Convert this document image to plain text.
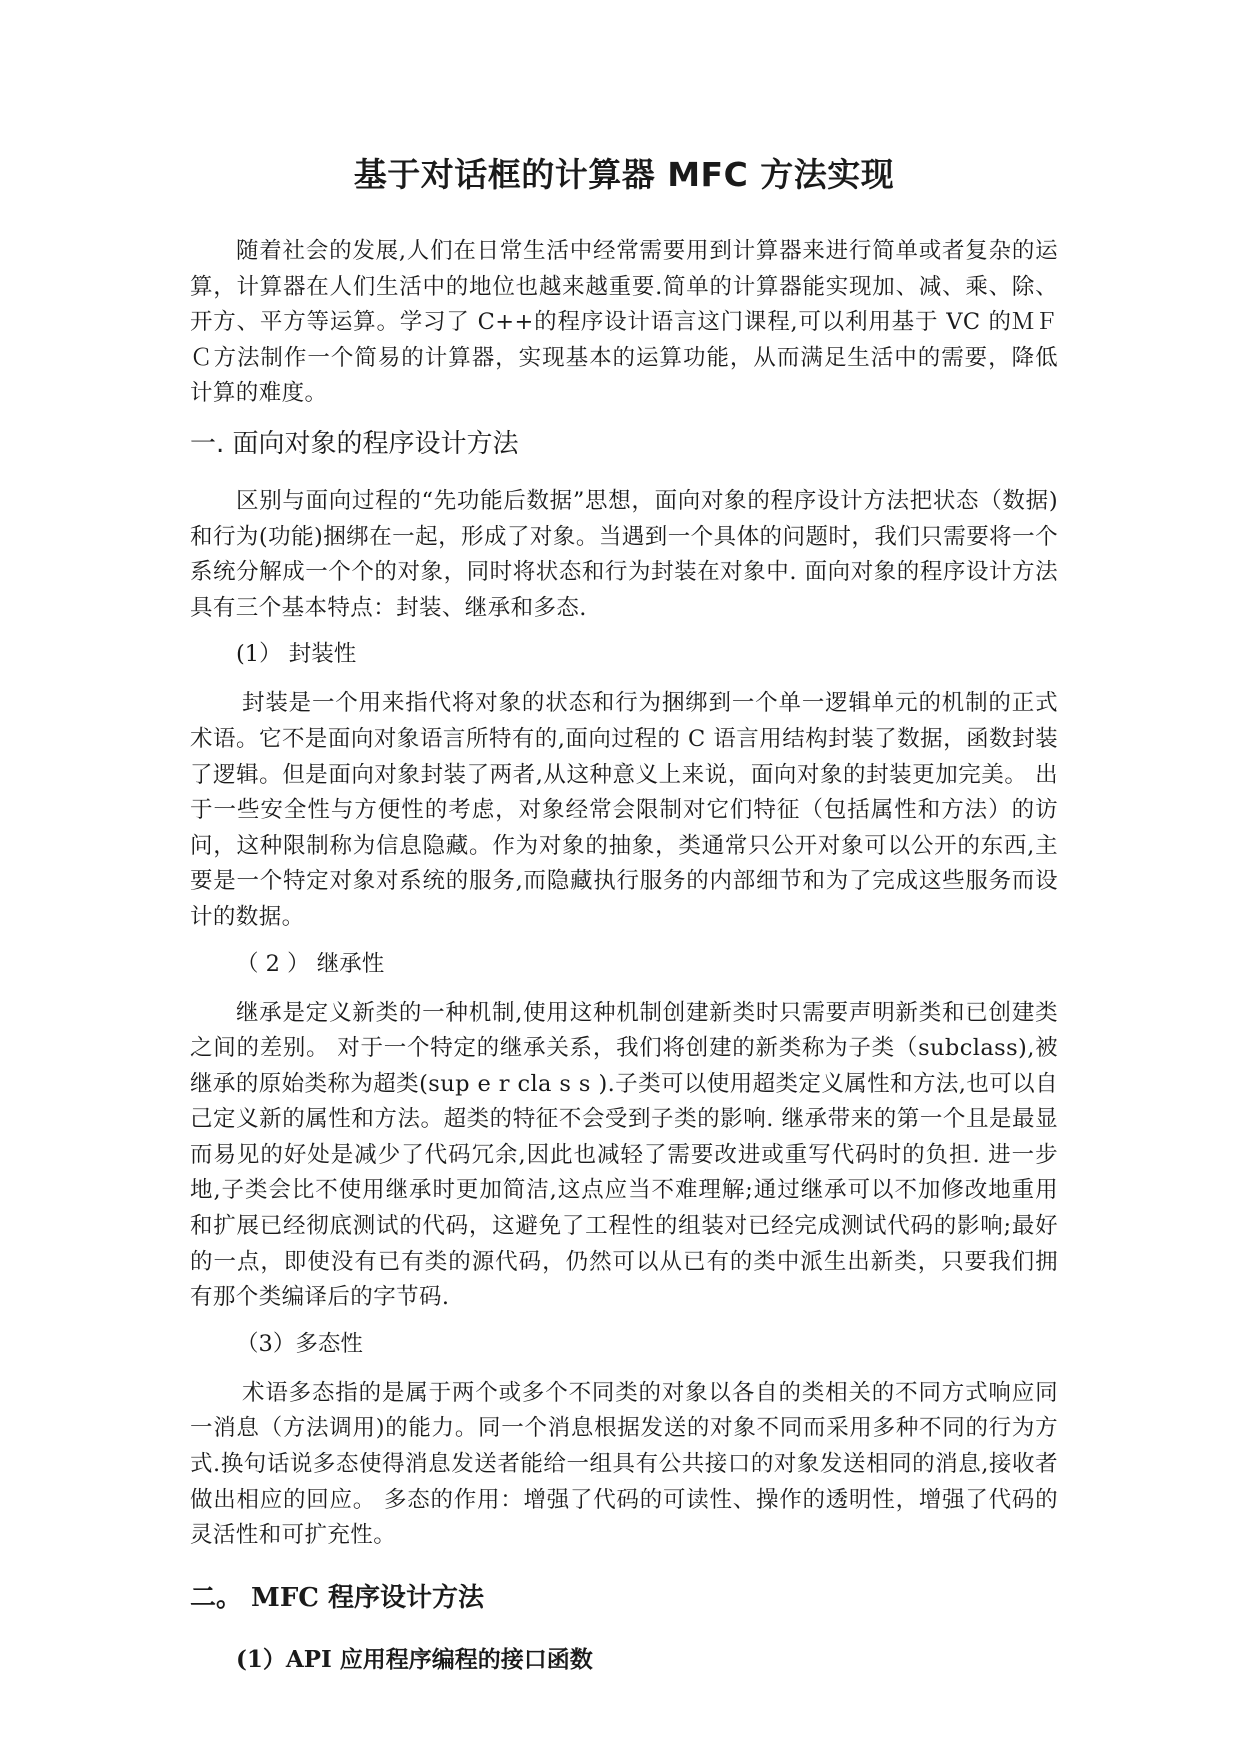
基于对话框的计算器 MFC 方法实现

随着社会的发展,人们在日常生活中经常需要用到计算器来进行简单或者复杂的运算，计算器在人们生活中的地位也越来越重要.简单的计算器能实现加、减、乘、除、开方、平方等运算。学习了 C++的程序设计语言这门课程,可以利用基于 VC 的ＭＦＣ方法制作一个简易的计算器，实现基本的运算功能，从而满足生活中的需要，降低计算的难度。

一. 面向对象的程序设计方法

区别与面向过程的“先功能后数据”思想，面向对象的程序设计方法把状态（数据)和行为(功能)捆绑在一起，形成了对象。当遇到一个具体的问题时，我们只需要将一个系统分解成一个个的对象，同时将状态和行为封装在对象中. 面向对象的程序设计方法具有三个基本特点：封装、继承和多态.

(1） 封装性

封装是一个用来指代将对象的状态和行为捆绑到一个单一逻辑单元的机制的正式术语。它不是面向对象语言所特有的,面向过程的 C 语言用结构封装了数据，函数封装了逻辑。但是面向对象封装了两者,从这种意义上来说，面向对象的封装更加完美。 出于一些安全性与方便性的考虑，对象经常会限制对它们特征（包括属性和方法）的访问，这种限制称为信息隐藏。作为对象的抽象，类通常只公开对象可以公开的东西,主要是一个特定对象对系统的服务,而隐藏执行服务的内部细节和为了完成这些服务而设计的数据。

（ 2 ） 继承性

继承是定义新类的一种机制,使用这种机制创建新类时只需要声明新类和已创建类之间的差别。 对于一个特定的继承关系，我们将创建的新类称为子类（subclass),被继承的原始类称为超类(sup e r cla s s ).子类可以使用超类定义属性和方法,也可以自己定义新的属性和方法。超类的特征不会受到子类的影响. 继承带来的第一个且是最显而易见的好处是减少了代码冗余,因此也减轻了需要改进或重写代码时的负担. 进一步地,子类会比不使用继承时更加简洁,这点应当不难理解;通过继承可以不加修改地重用和扩展已经彻底测试的代码，这避免了工程性的组装对已经完成测试代码的影响;最好的一点，即使没有已有类的源代码，仍然可以从已有的类中派生出新类，只要我们拥有那个类编译后的字节码.

（3）多态性

术语多态指的是属于两个或多个不同类的对象以各自的类相关的不同方式响应同一消息（方法调用)的能力。同一个消息根据发送的对象不同而采用多种不同的行为方式.换句话说多态使得消息发送者能给一组具有公共接口的对象发送相同的消息,接收者做出相应的回应。 多态的作用：增强了代码的可读性、操作的透明性，增强了代码的灵活性和可扩充性。

二。 MFC 程序设计方法
(1）API 应用程序编程的接口函数
